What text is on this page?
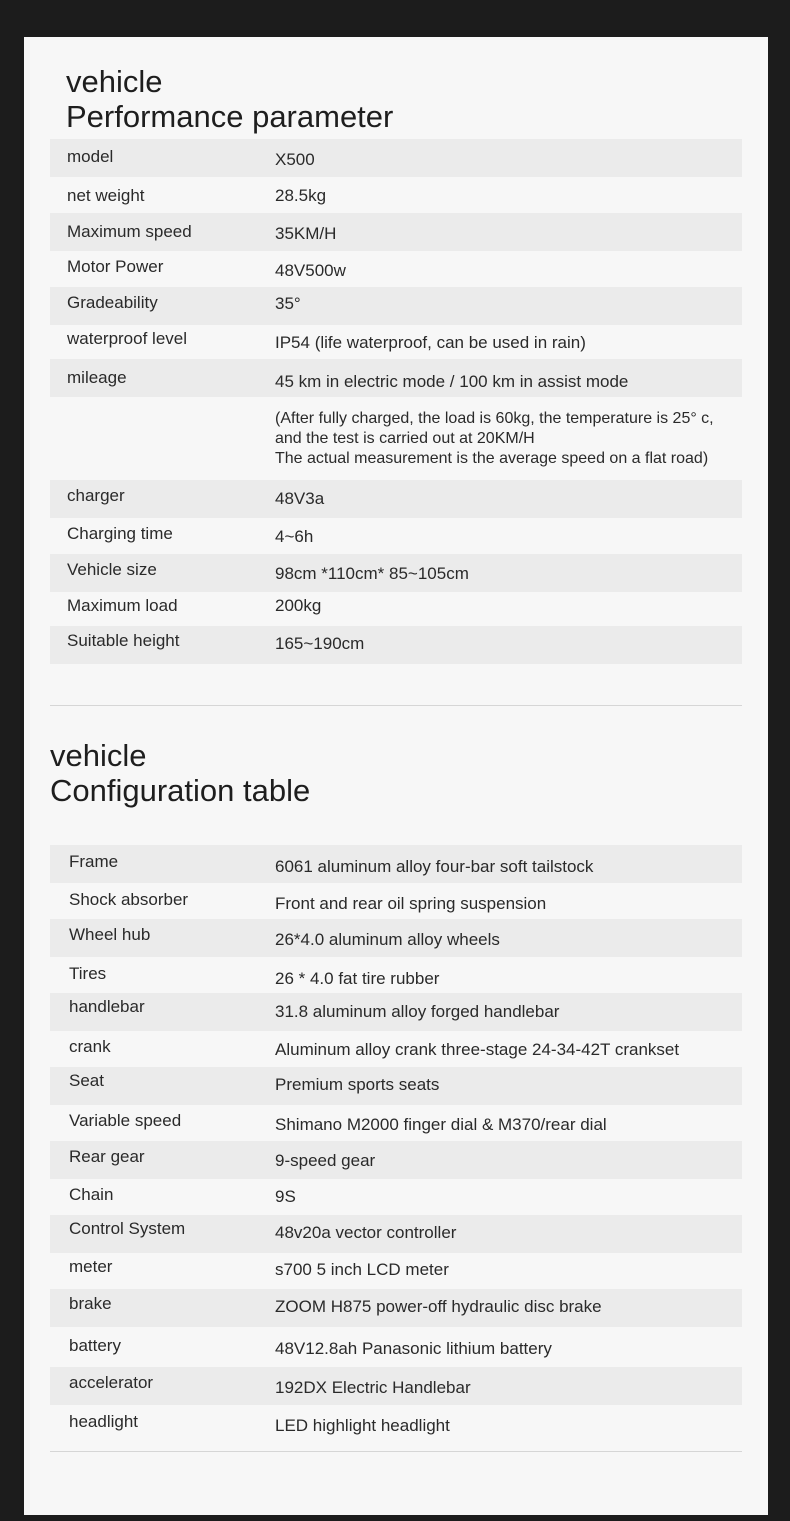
vehicle
Performance parameter
model	X500
net weight	28.5kg
Maximum speed	35KM/H
Motor Power	48V500w
Gradeability	35°
waterproof level	IP54 (life waterproof, can be used in rain)
mileage	45 km in electric mode / 100 km in assist mode
(After fully charged, the load is 60kg, the temperature is 25° c,
and the test is carried out at 20KM/H
The actual measurement is the average speed on a flat road)
charger	48V3a
Charging time	4~6h
Vehicle size	98cm *110cm* 85~105cm
Maximum load	200kg
Suitable height	165~190cm
vehicle
Configuration table
Frame	6061 aluminum alloy four-bar soft tailstock
Shock absorber	Front and rear oil spring suspension
Wheel hub	26*4.0 aluminum alloy wheels
Tires	26 * 4.0 fat tire rubber
handlebar	31.8 aluminum alloy forged handlebar
crank	Aluminum alloy crank three-stage 24-34-42T crankset
Seat	Premium sports seats
Variable speed	Shimano M2000 finger dial & M370/rear dial
Rear gear	9-speed gear
Chain	9S
Control System	48v20a vector controller
meter	s700 5 inch LCD meter
brake	ZOOM H875 power-off hydraulic disc brake
battery	48V12.8ah Panasonic lithium battery
accelerator	192DX Electric Handlebar
headlight	LED highlight headlight
